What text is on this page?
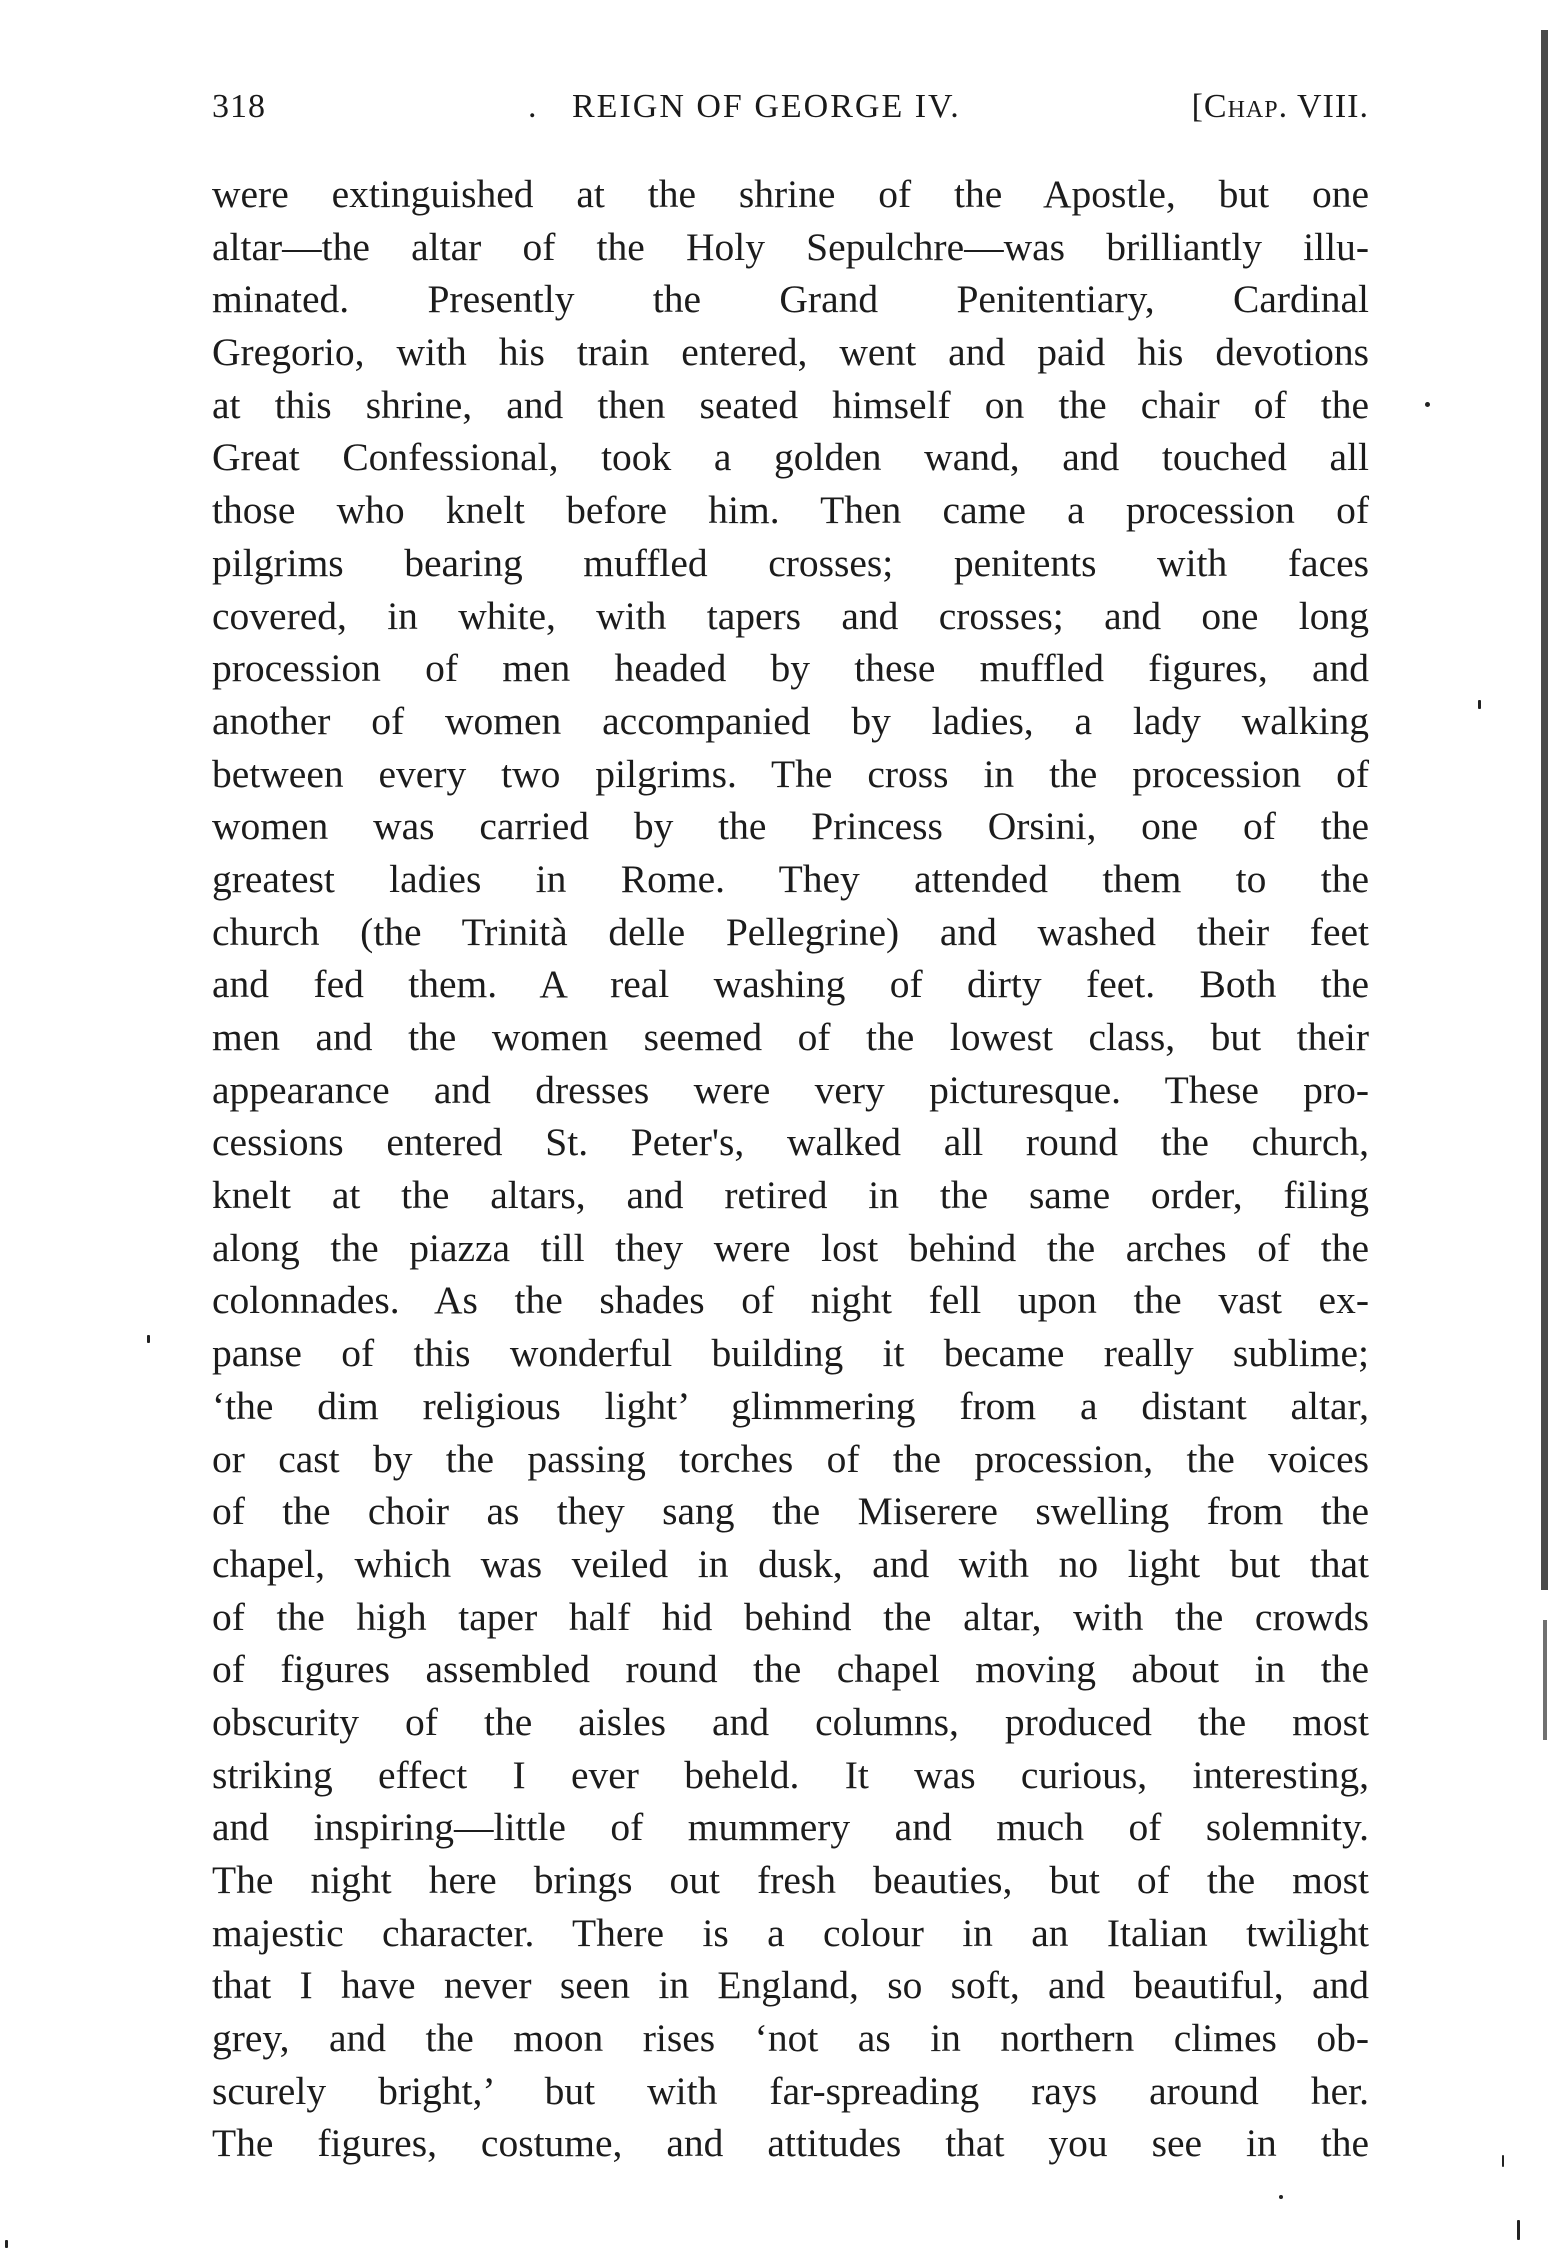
318	. REIGN OF GEORGE IV.	[Chap. VIII.
were extinguished at the shrine of the Apostle, but one
altar—the altar of the Holy Sepulchre—was brilliantly illu-
minated. Presently the Grand Penitentiary, Cardinal
Gregorio, with his train entered, went and paid his devotions
at this shrine, and then seated himself on the chair of the
Great Confessional, took a golden wand, and touched all
those who knelt before him. Then came a procession of
pilgrims bearing muffled crosses; penitents with faces
covered, in white, with tapers and crosses; and one long
procession of men headed by these muffled figures, and
another of women accompanied by ladies, a lady walking
between every two pilgrims. The cross in the procession of
women was carried by the Princess Orsini, one of the
greatest ladies in Rome. They attended them to the
church (the Trinità delle Pellegrine) and washed their feet
and fed them. A real washing of dirty feet. Both the
men and the women seemed of the lowest class, but their
appearance and dresses were very picturesque. These pro-
cessions entered St. Peter's, walked all round the church,
knelt at the altars, and retired in the same order, filing
along the piazza till they were lost behind the arches of the
colonnades. As the shades of night fell upon the vast ex-
panse of this wonderful building it became really sublime;
‘the dim religious light’ glimmering from a distant altar,
or cast by the passing torches of the procession, the voices
of the choir as they sang the Miserere swelling from the
chapel, which was veiled in dusk, and with no light but that
of the high taper half hid behind the altar, with the crowds
of figures assembled round the chapel moving about in the
obscurity of the aisles and columns, produced the most
striking effect I ever beheld. It was curious, interesting,
and inspiring—little of mummery and much of solemnity.
The night here brings out fresh beauties, but of the most
majestic character. There is a colour in an Italian twilight
that I have never seen in England, so soft, and beautiful, and
grey, and the moon rises ‘not as in northern climes ob-
scurely bright,’ but with far-spreading rays around her.
The figures, costume, and attitudes that you see in the
